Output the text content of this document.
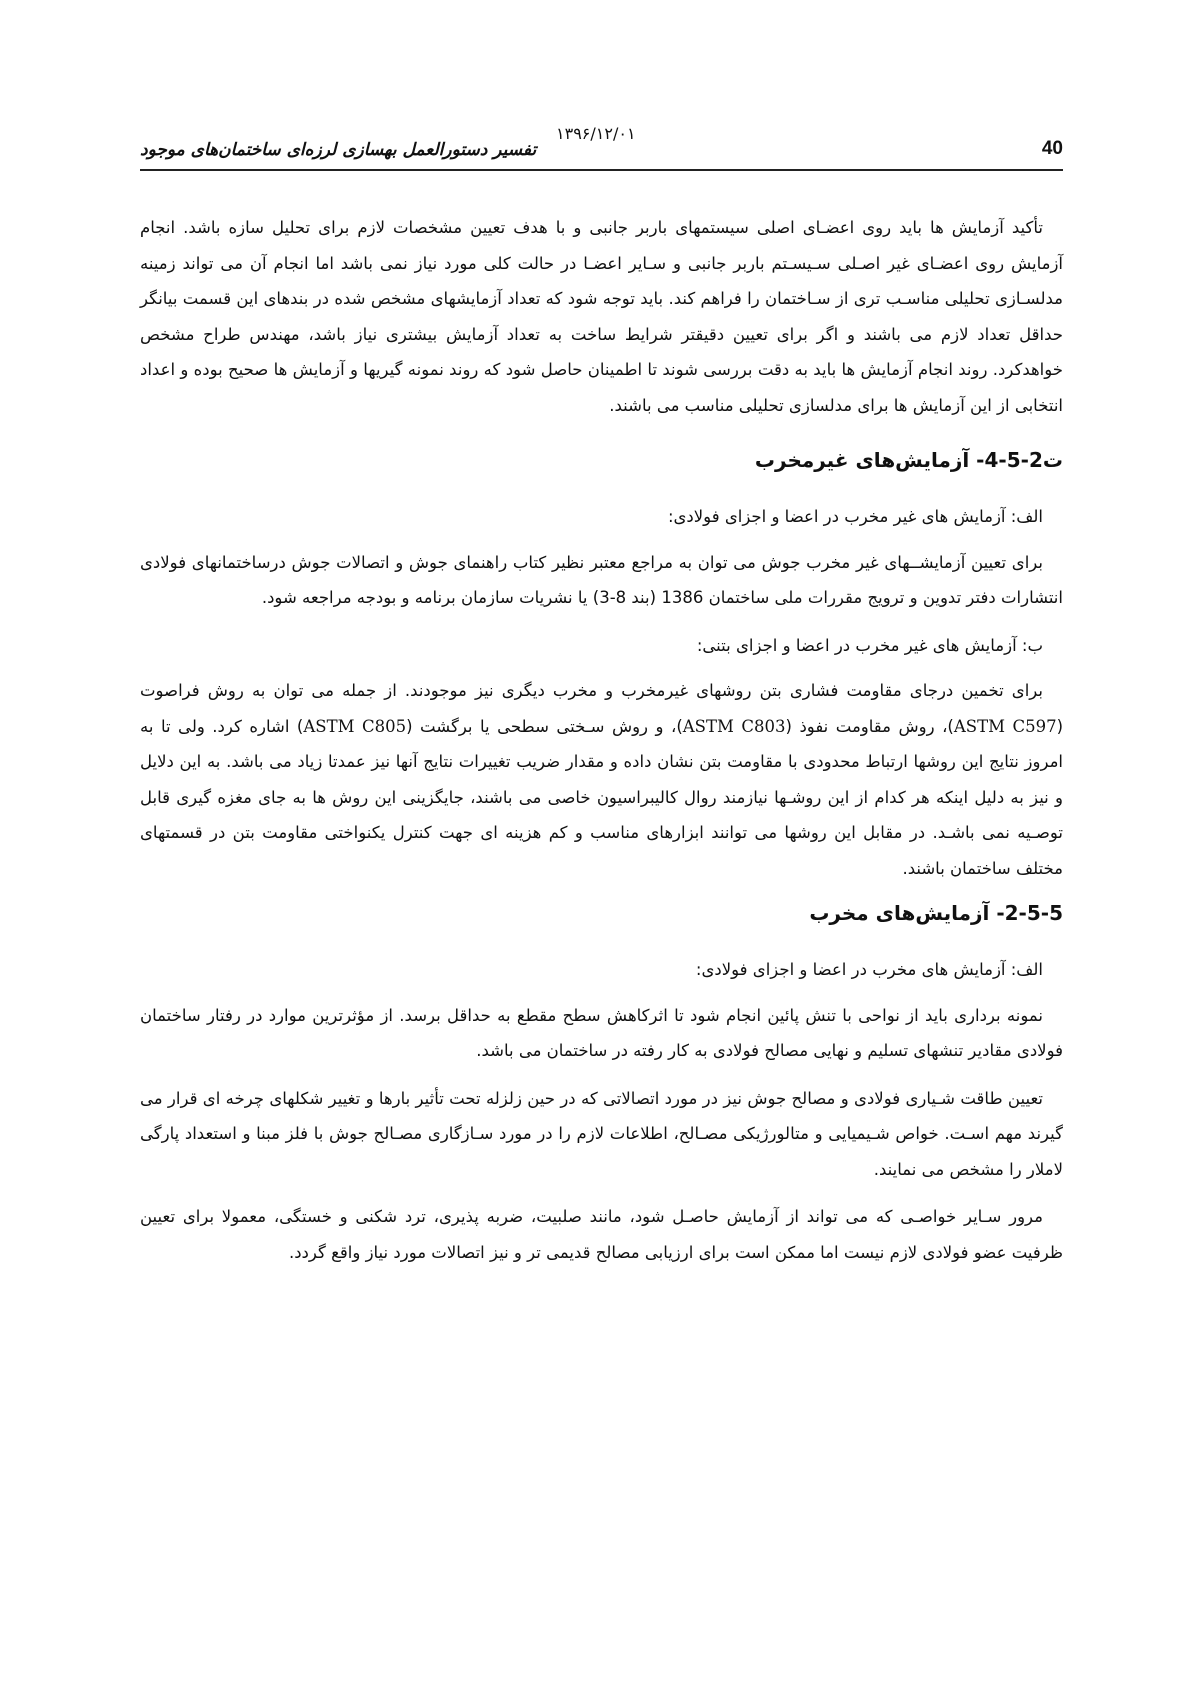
40
۱۳۹۶/۱۲/۰۱
تفسیر دستورالعمل بهسازی لرزه‌ای ساختمان‌های موجود

تأکید آزمایش ها باید روی اعضـای اصلی سیستمهای باربر جانبی و با هدف تعیین مشخصات لازم برای تحلیل سازه باشد. انجام آزمایش روی اعضـای غیر اصـلی سـیسـتم باربر جانبی و سـایر اعضـا در حالت کلی مورد نیاز نمی باشد اما انجام آن می تواند زمینه مدلسـازی تحلیلی مناسـب تری از سـاختمان را فراهم کند. باید توجه شود که تعداد آزمایشهای مشخص شده در بندهای این قسمت بیانگر حداقل تعداد لازم می باشند و اگر برای تعیین دقیقتر شرایط ساخت به تعداد آزمایش بیشتری نیاز باشد، مهندس طراح مشخص خواهدکرد. روند انجام آزمایش ها باید به دقت بررسی شوند تا اطمینان حاصل شود که روند نمونه گیریها و آزمایش ها صحیح بوده و اعداد انتخابی از این آزمایش ها برای مدلسازی تحلیلی مناسب می باشند.

ت2-5-4- آزمایش‌های غیرمخرب

الف: آزمایش های غیر مخرب در اعضا و اجزای فولادی:

برای تعیین آزمایشــهای غیر مخرب جوش می توان به مراجع معتبر نظیر کتاب راهنمای جوش و اتصالات جوش درساختمانهای فولادی انتشارات دفتر تدوین و ترویج مقررات ملی ساختمان 1386 (بند 8-3) یا نشریات سازمان برنامه و بودجه مراجعه شود.

ب: آزمایش های غیر مخرب در اعضا و اجزای بتنی:

برای تخمین درجای مقاومت فشاری بتن روشهای غیرمخرب و مخرب دیگری نیز موجودند. از جمله می توان به روش فراصوت (ASTM C597)، روش مقاومت نفوذ (ASTM C803)، و روش سـختی سطحی یا برگشت (ASTM C805) اشاره کرد. ولی تا به امروز نتایج این روشها ارتباط محدودی با مقاومت بتن نشان داده و مقدار ضریب تغییرات نتایج آنها نیز عمدتا زیاد می باشد. به این دلایل و نیز به دلیل اینکه هر کدام از این روشـها نیازمند روال کالیبراسیون خاصی می باشند، جایگزینی این روش ها به جای مغزه گیری قابل توصـیه نمی باشـد. در مقابل این روشها می توانند ابزارهای مناسب و کم هزینه ای جهت کنترل یکنواختی مقاومت بتن در قسمتهای مختلف ساختمان باشند.

2-5-5- آزمایش‌های مخرب

الف: آزمایش های مخرب در اعضا و اجزای فولادی:

نمونه برداری باید از نواحی با تنش پائین انجام شود تا اثرکاهش سطح مقطع به حداقل برسد. از مؤثرترین موارد در رفتار ساختمان فولادی مقادیر تنشهای تسلیم و نهایی مصالح فولادی به کار رفته در ساختمان می باشد.

تعیین طاقت شـیاری فولادی و مصالح جوش نیز در مورد اتصالاتی که در حین زلزله تحت تأثیر بارها و تغییر شکلهای چرخه ای قرار می گیرند مهم اسـت. خواص شـیمیایی و متالورژیکی مصـالح، اطلاعات لازم را در مورد سـازگاری مصـالح جوش با فلز مبنا و استعداد پارگی لاملار را مشخص می نمایند.

مرور سـایر خواصـی که می تواند از آزمایش حاصـل شود، مانند صلبیت، ضربه پذیری، ترد شکنی و خستگی، معمولا برای تعیین ظرفیت عضو فولادی لازم نیست اما ممکن است برای ارزیابی مصالح قدیمی تر و نیز اتصالات مورد نیاز واقع گردد.
